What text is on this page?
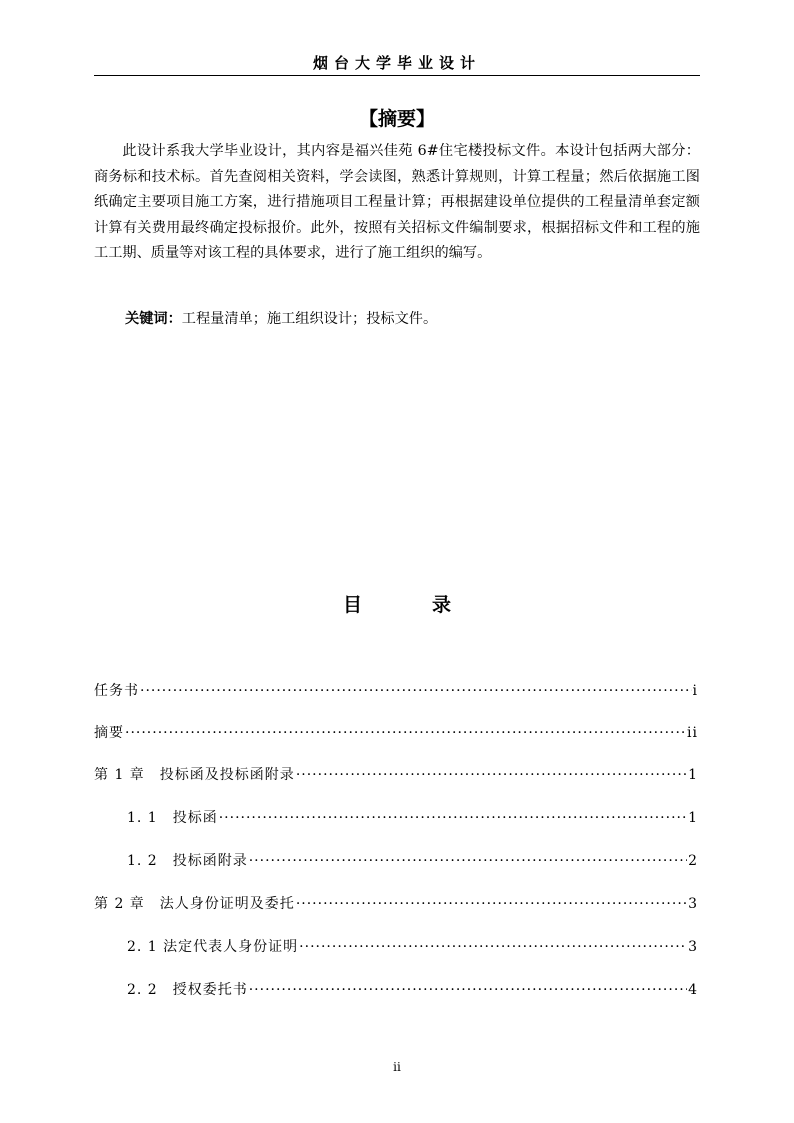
烟台大学毕业设计
【摘要】

此设计系我大学毕业设计，其内容是福兴佳苑 6#住宅楼投标文件。本设计包括两大部分：商务标和技术标。首先查阅相关资料，学会读图，熟悉计算规则，计算工程量；然后依据施工图纸确定主要项目施工方案，进行措施项目工程量计算；再根据建设单位提供的工程量清单套定额计算有关费用最终确定投标报价。此外，按照有关招标文件编制要求，根据招标文件和工程的施工工期、质量等对该工程的具体要求，进行了施工组织的编写。

关键词：工程量清单；施工组织设计；投标文件。
目	录
任务书 ·····	i
摘要 ·····	ii
第 1 章　投标函及投标函附录 ·····	1
1. 1　投标函 ·····	1
1. 2　投标函附录 ·····	2
第 2 章　法人身份证明及委托 ·····	3
2. 1 法定代表人身份证明 ·····	3
2. 2　授权委托书 ·····	4
ii
